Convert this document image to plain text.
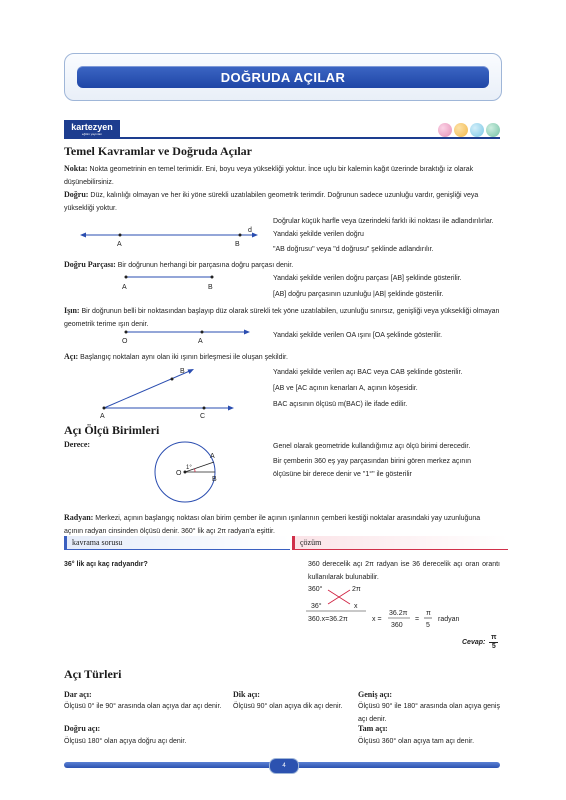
DOĞRUDA AÇILAR
kartezyen
eğitim yayınları
Temel Kavramlar ve Doğruda Açılar
Nokta: Nokta geometrinin en temel terimidir. Eni, boyu veya yüksekliği yoktur. İnce uçlu bir kalemin kağıt üzerinde bıraktığı iz olarak düşünebilirsiniz.
Doğru: Düz, kalınlığı olmayan ve her iki yöne sürekli uzatılabilen geometrik terimdir. Doğrunun sadece uzunluğu vardır, genişliği veya yüksekliği yoktur.
A	B
d
Doğrular küçük harfle veya üzerindeki farklı iki noktası ile adlandırılırlar. Yandaki şekilde verilen doğru
"AB doğrusu" veya "d doğrusu" şeklinde adlandırılır.
Doğru Parçası: Bir doğrunun herhangi bir parçasına doğru parçası denir.
A	B
Yandaki şekilde verilen doğru parçası [AB] şeklinde gösterilir.
[AB] doğru parçasının uzunluğu |AB| şeklinde gösterilir.
Işın: Bir doğrunun belli bir noktasından başlayıp düz olarak sürekli tek yöne uzatılabilen, uzunluğu sınırsız, genişliği veya yüksekliği olmayan geometrik terime ışın denir.
O	A
Yandaki şekilde verilen OA ışını [OA şeklinde gösterilir.
Açı: Başlangıç noktaları aynı olan iki ışının birleşmesi ile oluşan şekildir.
A
B
C
Yandaki şekilde verilen açı BAC veya CAB şeklinde gösterilir.
[AB ve [AC açının kenarları A, açının köşesidir.
BAC açısının ölçüsü m(BAC) ile ifade edilir.
Açı Ölçü Birimleri
Derece:
O
A
B
1°
Genel olarak geometride kullandığımız açı ölçü birimi derecedir.
Bir çemberin 360 eş yay parçasından birini gören merkez açının ölçüsüne bir derece denir ve "1°" ile gösterilir
Radyan: Merkezi, açının başlangıç noktası olan birim çember ile açının ışınlarının çemberi kestiği noktalar arasındaki yay uzunluğuna açının radyan cinsinden ölçüsü denir. 360° lik açı 2π radyan'a eşittir.
kavrama sorusu	çözüm
36° lik açı kaç radyandır?	360 derecelik açı 2π radyan ise 36 derecelik açı oran orantı kullanılarak bulunabilir.
360°	2π
36°	x
360.x=36.2π	x =
36.2π
360
=
π
5
radyan
Cevap:
π
5
Açı Türleri
Dar açı:
Ölçüsü 0° ile 90° arasında olan açıya dar açı denir.
Doğru açı:
Ölçüsü 180° olan açıya doğru açı denir.
Dik açı:
Ölçüsü 90° olan açıya dik açı denir.
Geniş açı:
Ölçüsü 90° ile 180° arasında olan açıya geniş açı denir.
Tam açı:
Ölçüsü 360° olan açıya tam açı denir.
4
